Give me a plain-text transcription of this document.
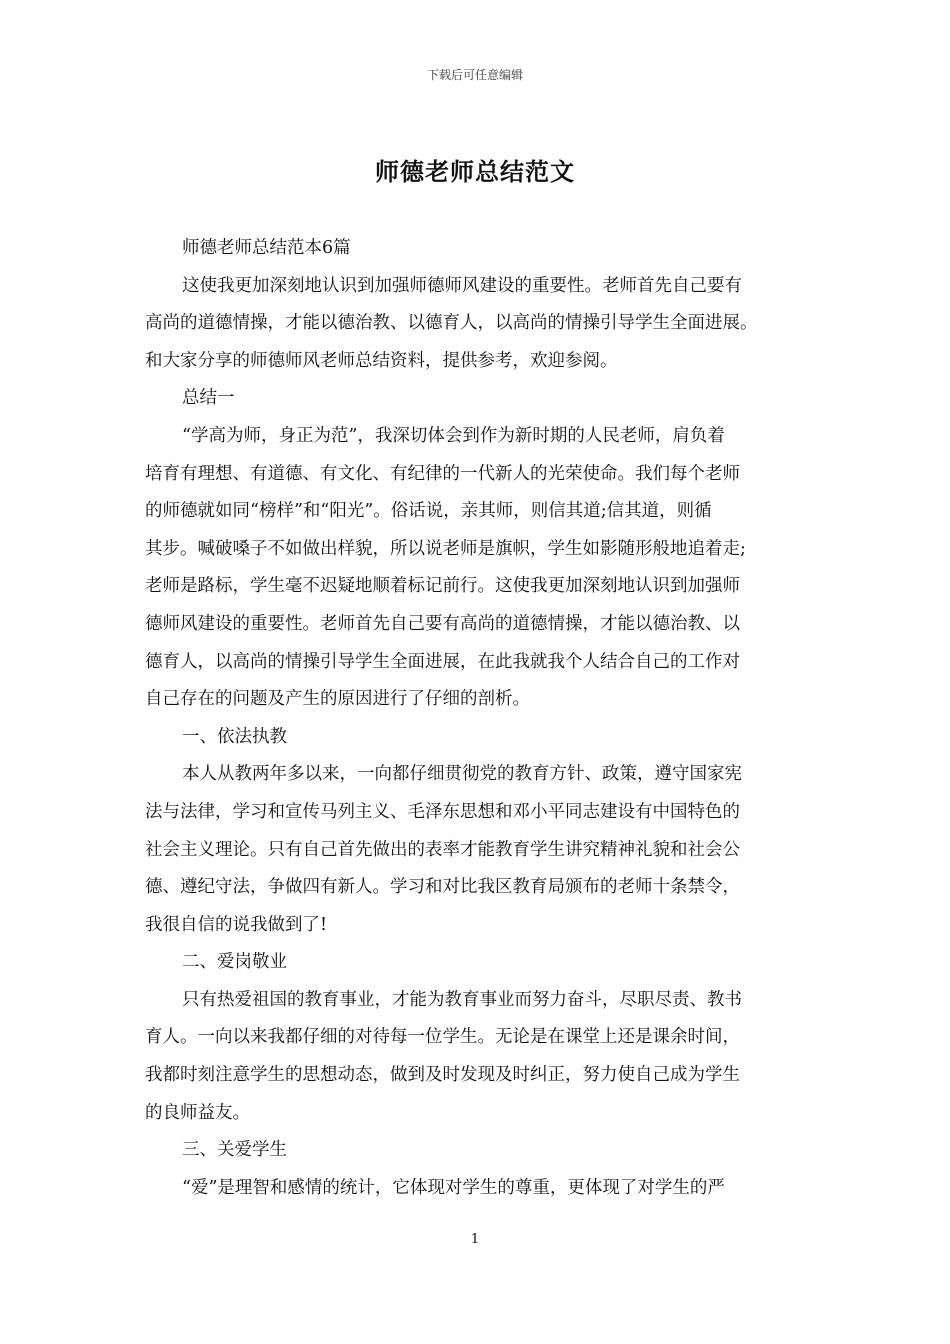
下载后可任意编辑
师德老师总结范文
师德老师总结范本6篇
这使我更加深刻地认识到加强师德师风建设的重要性。老师首先自己要有
高尚的道德情操，才能以德治教、以德育人，以高尚的情操引导学生全面进展。
和大家分享的师德师风老师总结资料，提供参考，欢迎参阅。
总结一
“学高为师，身正为范”，我深切体会到作为新时期的人民老师，肩负着
培育有理想、有道德、有文化、有纪律的一代新人的光荣使命。我们每个老师
的师德就如同“榜样”和“阳光”。俗话说，亲其师，则信其道;信其道，则循
其步。喊破嗓子不如做出样貌，所以说老师是旗帜，学生如影随形般地追着走;
老师是路标，学生毫不迟疑地顺着标记前行。这使我更加深刻地认识到加强师
德师风建设的重要性。老师首先自己要有高尚的道德情操，才能以德治教、以
德育人，以高尚的情操引导学生全面进展，在此我就我个人结合自己的工作对
自己存在的问题及产生的原因进行了仔细的剖析。
一、依法执教
本人从教两年多以来，一向都仔细贯彻党的教育方针、政策，遵守国家宪
法与法律，学习和宣传马列主义、毛泽东思想和邓小平同志建设有中国特色的
社会主义理论。只有自己首先做出的表率才能教育学生讲究精神礼貌和社会公
德、遵纪守法，争做四有新人。学习和对比我区教育局颁布的老师十条禁令，
我很自信的说我做到了!
二、爱岗敬业
只有热爱祖国的教育事业，才能为教育事业而努力奋斗，尽职尽责、教书
育人。一向以来我都仔细的对待每一位学生。无论是在课堂上还是课余时间，
我都时刻注意学生的思想动态，做到及时发现及时纠正，努力使自己成为学生
的良师益友。
三、关爱学生
“爱”是理智和感情的统计，它体现对学生的尊重，更体现了对学生的严
1
